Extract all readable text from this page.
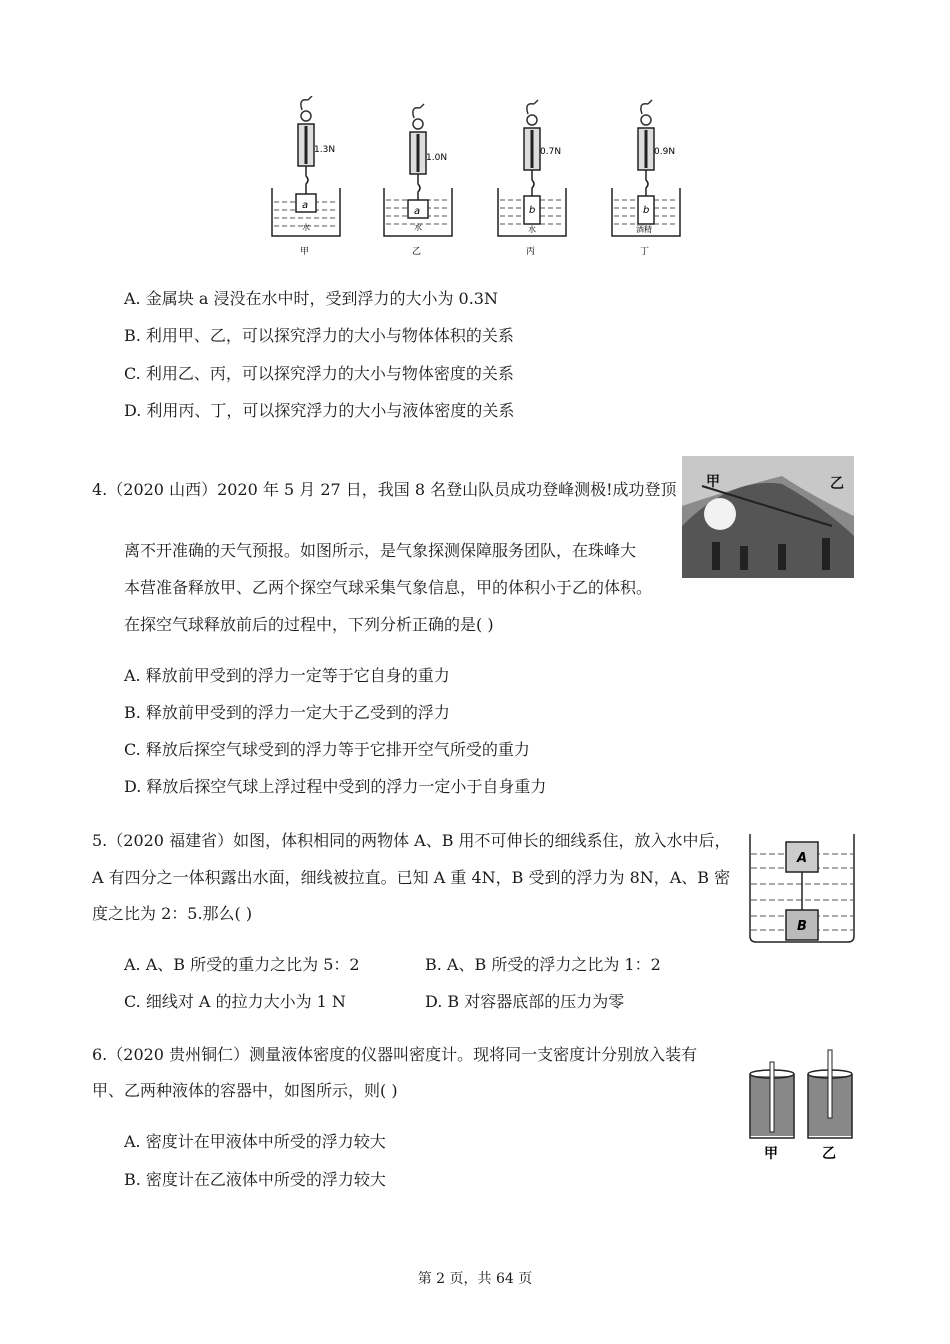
a
水
1.3N
甲
a
水
1.0N
乙
b
水
0.7N
丙
b
酒精
0.9N
丁
A. 金属块 a 浸没在水中时，受到浮力的大小为 0.3N
B. 利用甲、乙，可以探究浮力的大小与物体体积的关系
C. 利用乙、丙，可以探究浮力的大小与物体密度的关系
D. 利用丙、丁，可以探究浮力的大小与液体密度的关系
4.（2020 山西）2020 年 5 月 27 日，我国 8 名登山队员成功登峰测极!成功登顶
离不开准确的天气预报。如图所示，是气象探测保障服务团队，在珠峰大
本营准备释放甲、乙两个探空气球采集气象信息，甲的体积小于乙的体积。
在探空气球释放前后的过程中，下列分析正确的是( )
甲	乙
A. 释放前甲受到的浮力一定等于它自身的重力
B. 释放前甲受到的浮力一定大于乙受到的浮力
C. 释放后探空气球受到的浮力等于它排开空气所受的重力
D. 释放后探空气球上浮过程中受到的浮力一定小于自身重力
5.（2020 福建省）如图，体积相同的两物体 A、B 用不可伸长的细线系住，放入水中后，
A 有四分之一体积露出水面，细线被拉直。已知 A 重 4N，B 受到的浮力为 8N，A、B 密
度之比为 2：5.那么( )
A
B
A. A、B 所受的重力之比为 5：2	B. A、B 所受的浮力之比为 1：2
C. 细线对 A 的拉力大小为 1 N	D. B 对容器底部的压力为零
6.（2020 贵州铜仁）测量液体密度的仪器叫密度计。现将同一支密度计分别放入装有
甲、乙两种液体的容器中，如图所示，则( )
甲	乙
A. 密度计在甲液体中所受的浮力较大
B. 密度计在乙液体中所受的浮力较大
第 2 页，共 64 页
